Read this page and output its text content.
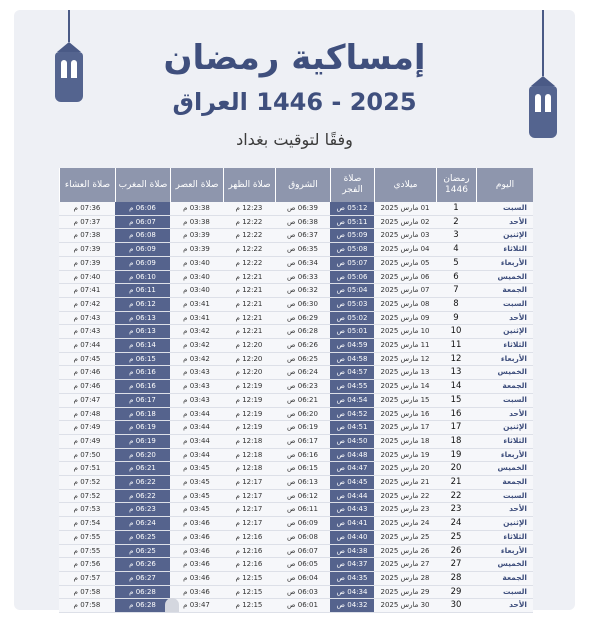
إمساكية رمضان
2025 - 1446 العراق
وفقًا لتوقيت بغداد
اليوم	رمضان 1446	ميلادي	صلاة الفجر	الشروق	صلاة الظهر	صلاة العصر	صلاة المغرب	صلاة العشاء
السبت	1	01 مارس 2025	05:12 ص	06:39 ص	12:23 م	03:38 م	06:06 م	07:36 م
الأحد	2	02 مارس 2025	05:11 ص	06:38 ص	12:22 م	03:38 م	06:07 م	07:37 م
الإثنين	3	03 مارس 2025	05:09 ص	06:37 ص	12:22 م	03:39 م	06:08 م	07:38 م
الثلاثاء	4	04 مارس 2025	05:08 ص	06:35 ص	12:22 م	03:39 م	06:09 م	07:39 م
الأربعاء	5	05 مارس 2025	05:07 ص	06:34 ص	12:22 م	03:40 م	06:09 م	07:39 م
الخميس	6	06 مارس 2025	05:06 ص	06:33 ص	12:21 م	03:40 م	06:10 م	07:40 م
الجمعة	7	07 مارس 2025	05:04 ص	06:32 ص	12:21 م	03:40 م	06:11 م	07:41 م
السبت	8	08 مارس 2025	05:03 ص	06:30 ص	12:21 م	03:41 م	06:12 م	07:42 م
الأحد	9	09 مارس 2025	05:02 ص	06:29 ص	12:21 م	03:41 م	06:13 م	07:43 م
الإثنين	10	10 مارس 2025	05:01 ص	06:28 ص	12:21 م	03:42 م	06:13 م	07:43 م
الثلاثاء	11	11 مارس 2025	04:59 ص	06:26 ص	12:20 م	03:42 م	06:14 م	07:44 م
الأربعاء	12	12 مارس 2025	04:58 ص	06:25 ص	12:20 م	03:42 م	06:15 م	07:45 م
الخميس	13	13 مارس 2025	04:57 ص	06:24 ص	12:20 م	03:43 م	06:16 م	07:46 م
الجمعة	14	14 مارس 2025	04:55 ص	06:23 ص	12:19 م	03:43 م	06:16 م	07:46 م
السبت	15	15 مارس 2025	04:54 ص	06:21 ص	12:19 م	03:43 م	06:17 م	07:47 م
الأحد	16	16 مارس 2025	04:52 ص	06:20 ص	12:19 م	03:44 م	06:18 م	07:48 م
الإثنين	17	17 مارس 2025	04:51 ص	06:19 ص	12:19 م	03:44 م	06:19 م	07:49 م
الثلاثاء	18	18 مارس 2025	04:50 ص	06:17 ص	12:18 م	03:44 م	06:19 م	07:49 م
الأربعاء	19	19 مارس 2025	04:48 ص	06:16 ص	12:18 م	03:44 م	06:20 م	07:50 م
الخميس	20	20 مارس 2025	04:47 ص	06:15 ص	12:18 م	03:45 م	06:21 م	07:51 م
الجمعة	21	21 مارس 2025	04:45 ص	06:13 ص	12:17 م	03:45 م	06:22 م	07:52 م
السبت	22	22 مارس 2025	04:44 ص	06:12 ص	12:17 م	03:45 م	06:22 م	07:52 م
الأحد	23	23 مارس 2025	04:43 ص	06:11 ص	12:17 م	03:45 م	06:23 م	07:53 م
الإثنين	24	24 مارس 2025	04:41 ص	06:09 ص	12:17 م	03:46 م	06:24 م	07:54 م
الثلاثاء	25	25 مارس 2025	04:40 ص	06:08 ص	12:16 م	03:46 م	06:25 م	07:55 م
الأربعاء	26	26 مارس 2025	04:38 ص	06:07 ص	12:16 م	03:46 م	06:25 م	07:55 م
الخميس	27	27 مارس 2025	04:37 ص	06:05 ص	12:16 م	03:46 م	06:26 م	07:56 م
الجمعة	28	28 مارس 2025	04:35 ص	06:04 ص	12:15 م	03:46 م	06:27 م	07:57 م
السبت	29	29 مارس 2025	04:34 ص	06:03 ص	12:15 م	03:46 م	06:28 م	07:58 م
الأحد	30	30 مارس 2025	04:32 ص	06:01 ص	12:15 م	03:47 م	06:28 م	07:58 م
